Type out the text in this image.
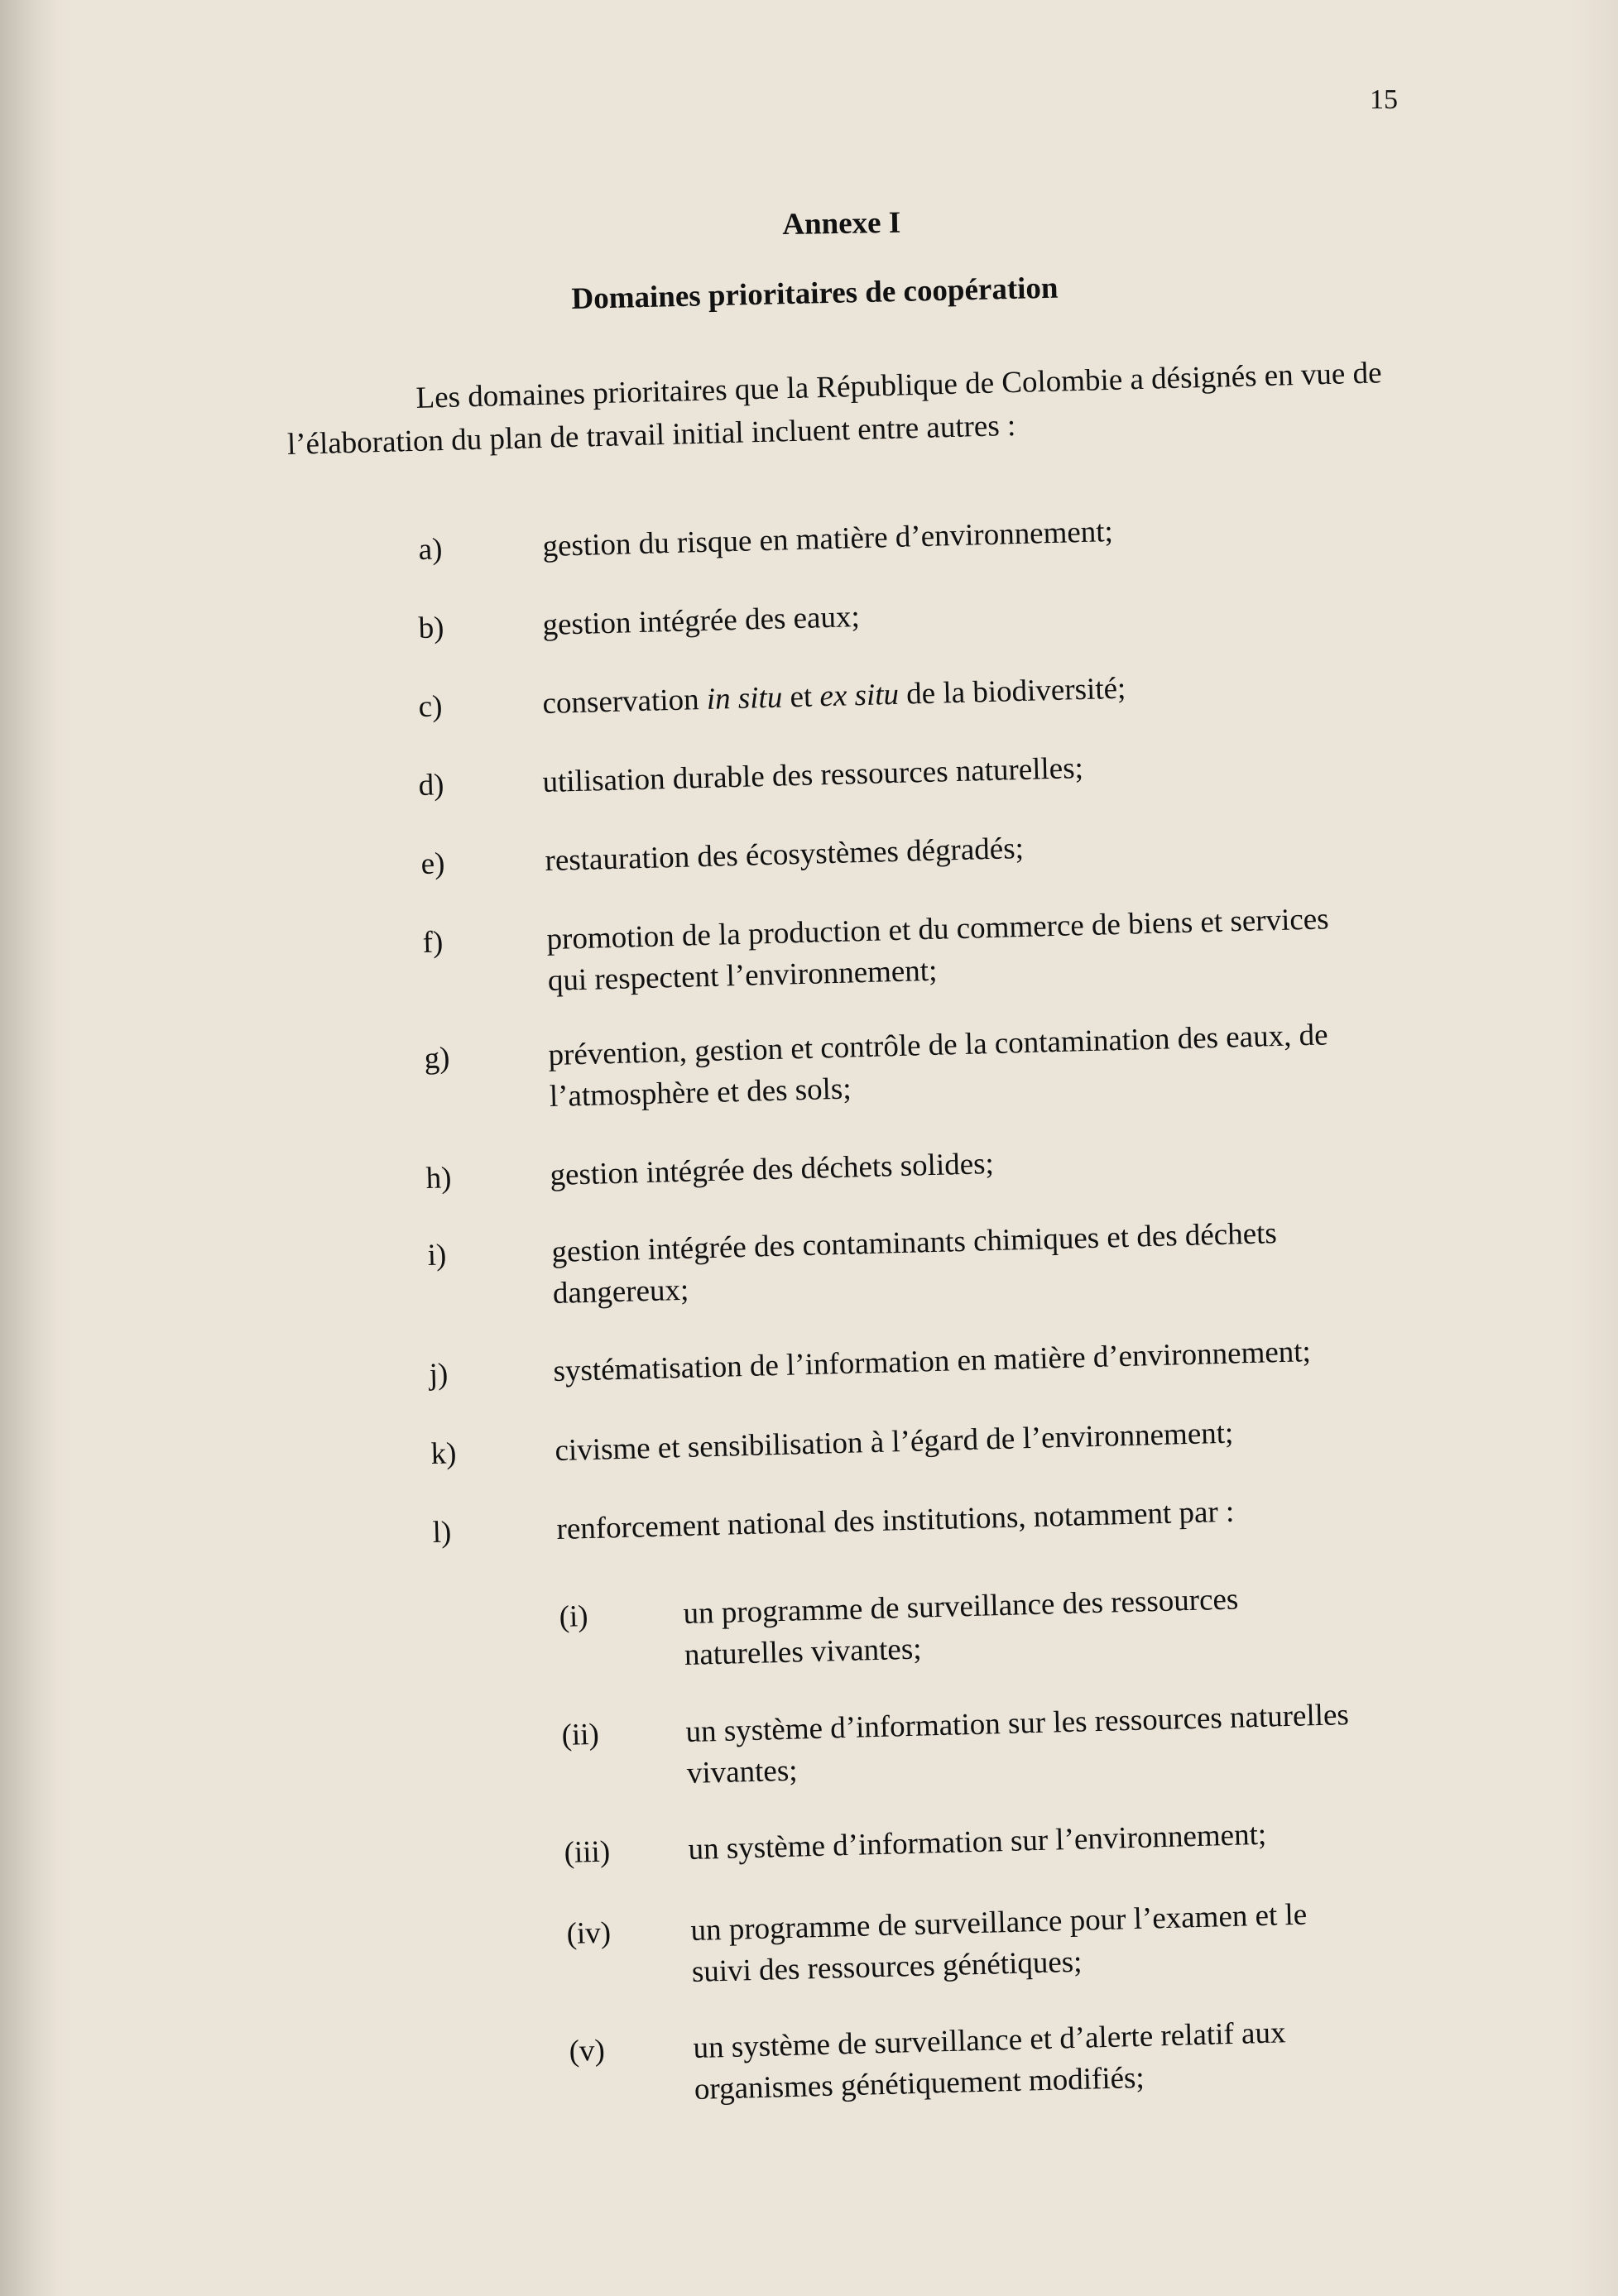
15
Annexe I
Domaines prioritaires de coopération
Les domaines prioritaires que la République de Colombie a désignés en vue de l’élaboration du plan de travail initial incluent entre autres :
a)	gestion du risque en matière d’environnement;
b)	gestion intégrée des eaux;
c)	conservation in situ et ex situ de la biodiversité;
d)	utilisation durable des ressources naturelles;
e)	restauration des écosystèmes dégradés;
f)	promotion de la production et du commerce de biens et services qui respectent l’environnement;
g)	prévention, gestion et contrôle de la contamination des eaux, de l’atmosphère et des sols;
h)	gestion intégrée des déchets solides;
i)	gestion intégrée des contaminants chimiques et des déchets dangereux;
j)	systématisation de l’information en matière d’environnement;
k)	civisme et sensibilisation à l’égard de l’environnement;
l)	renforcement national des institutions, notamment par :
(i)	un programme de surveillance des ressources naturelles vivantes;
(ii)	un système d’information sur les ressources naturelles vivantes;
(iii)	un système d’information sur l’environnement;
(iv)	un programme de surveillance pour l’examen et le suivi des ressources génétiques;
(v)	un système de surveillance et d’alerte relatif aux organismes génétiquement modifiés;
